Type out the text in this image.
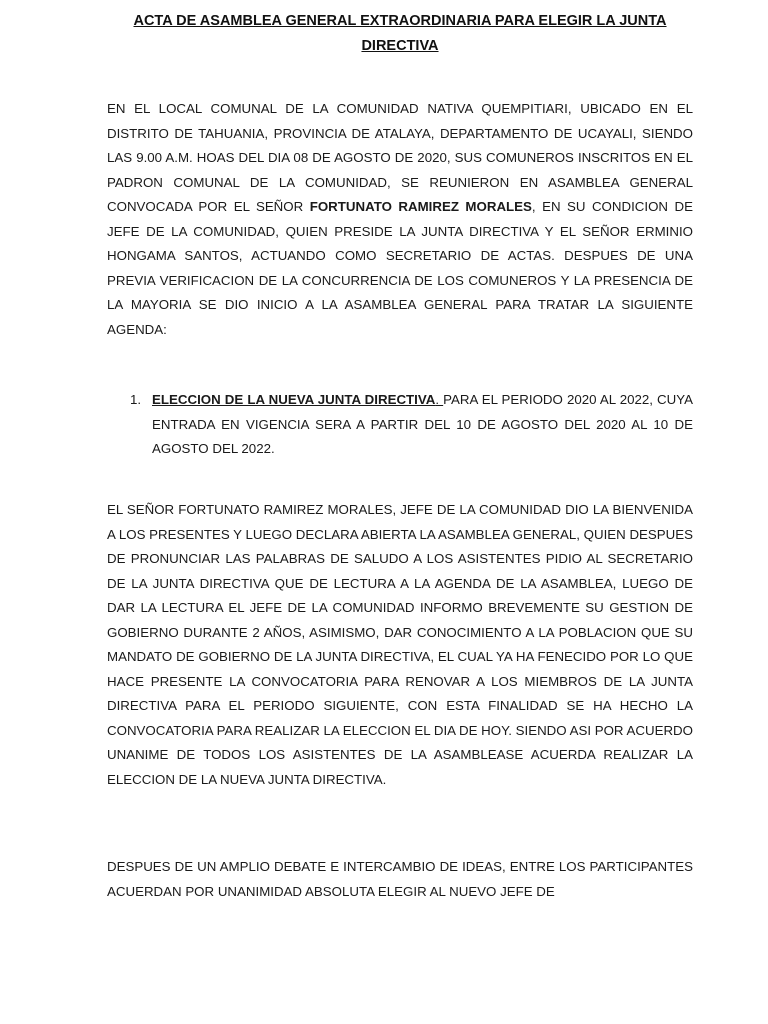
ACTA DE ASAMBLEA GENERAL EXTRAORDINARIA PARA ELEGIR LA JUNTA DIRECTIVA

EN EL LOCAL COMUNAL DE LA COMUNIDAD NATIVA QUEMPITIARI, UBICADO EN EL DISTRITO DE TAHUANIA, PROVINCIA DE ATALAYA, DEPARTAMENTO DE UCAYALI, SIENDO LAS 9.00 A.M. HOAS DEL DIA 08 DE AGOSTO DE 2020, SUS COMUNEROS INSCRITOS EN EL PADRON COMUNAL DE LA COMUNIDAD, SE REUNIERON EN ASAMBLEA GENERAL CONVOCADA POR EL SEÑOR FORTUNATO RAMIREZ MORALES, EN SU CONDICION DE JEFE DE LA COMUNIDAD, QUIEN PRESIDE LA JUNTA DIRECTIVA Y EL SEÑOR ERMINIO HONGAMA SANTOS, ACTUANDO COMO SECRETARIO DE ACTAS. DESPUES DE UNA PREVIA VERIFICACION DE LA CONCURRENCIA DE LOS COMUNEROS Y LA PRESENCIA DE LA MAYORIA SE DIO INICIO A LA ASAMBLEA GENERAL PARA TRATAR LA SIGUIENTE AGENDA:

1. ELECCION DE LA NUEVA JUNTA DIRECTIVA. PARA EL PERIODO 2020 AL 2022, CUYA ENTRADA EN VIGENCIA SERA A PARTIR DEL 10 DE AGOSTO DEL 2020 AL 10 DE AGOSTO DEL 2022.

EL SEÑOR FORTUNATO RAMIREZ MORALES, JEFE DE LA COMUNIDAD DIO LA BIENVENIDA A LOS PRESENTES Y LUEGO DECLARA ABIERTA LA ASAMBLEA GENERAL, QUIEN DESPUES DE PRONUNCIAR LAS PALABRAS DE SALUDO A LOS ASISTENTES PIDIO AL SECRETARIO DE LA JUNTA DIRECTIVA QUE DE LECTURA A LA AGENDA DE LA ASAMBLEA, LUEGO DE DAR LA LECTURA EL JEFE DE LA COMUNIDAD INFORMO BREVEMENTE SU GESTION DE GOBIERNO DURANTE 2 AÑOS, ASIMISMO, DAR CONOCIMIENTO A LA POBLACION QUE SU MANDATO DE GOBIERNO DE LA JUNTA DIRECTIVA, EL CUAL YA HA FENECIDO POR LO QUE HACE PRESENTE LA CONVOCATORIA PARA RENOVAR A LOS MIEMBROS DE LA JUNTA DIRECTIVA PARA EL PERIODO SIGUIENTE, CON ESTA FINALIDAD SE HA HECHO LA CONVOCATORIA PARA REALIZAR LA ELECCION EL DIA DE HOY. SIENDO ASI POR ACUERDO UNANIME DE TODOS LOS ASISTENTES DE LA ASAMBLEASE ACUERDA REALIZAR LA ELECCION DE LA NUEVA JUNTA DIRECTIVA.

DESPUES DE UN AMPLIO DEBATE E INTERCAMBIO DE IDEAS, ENTRE LOS PARTICIPANTES ACUERDAN POR UNANIMIDAD ABSOLUTA ELEGIR AL NUEVO JEFE DE
